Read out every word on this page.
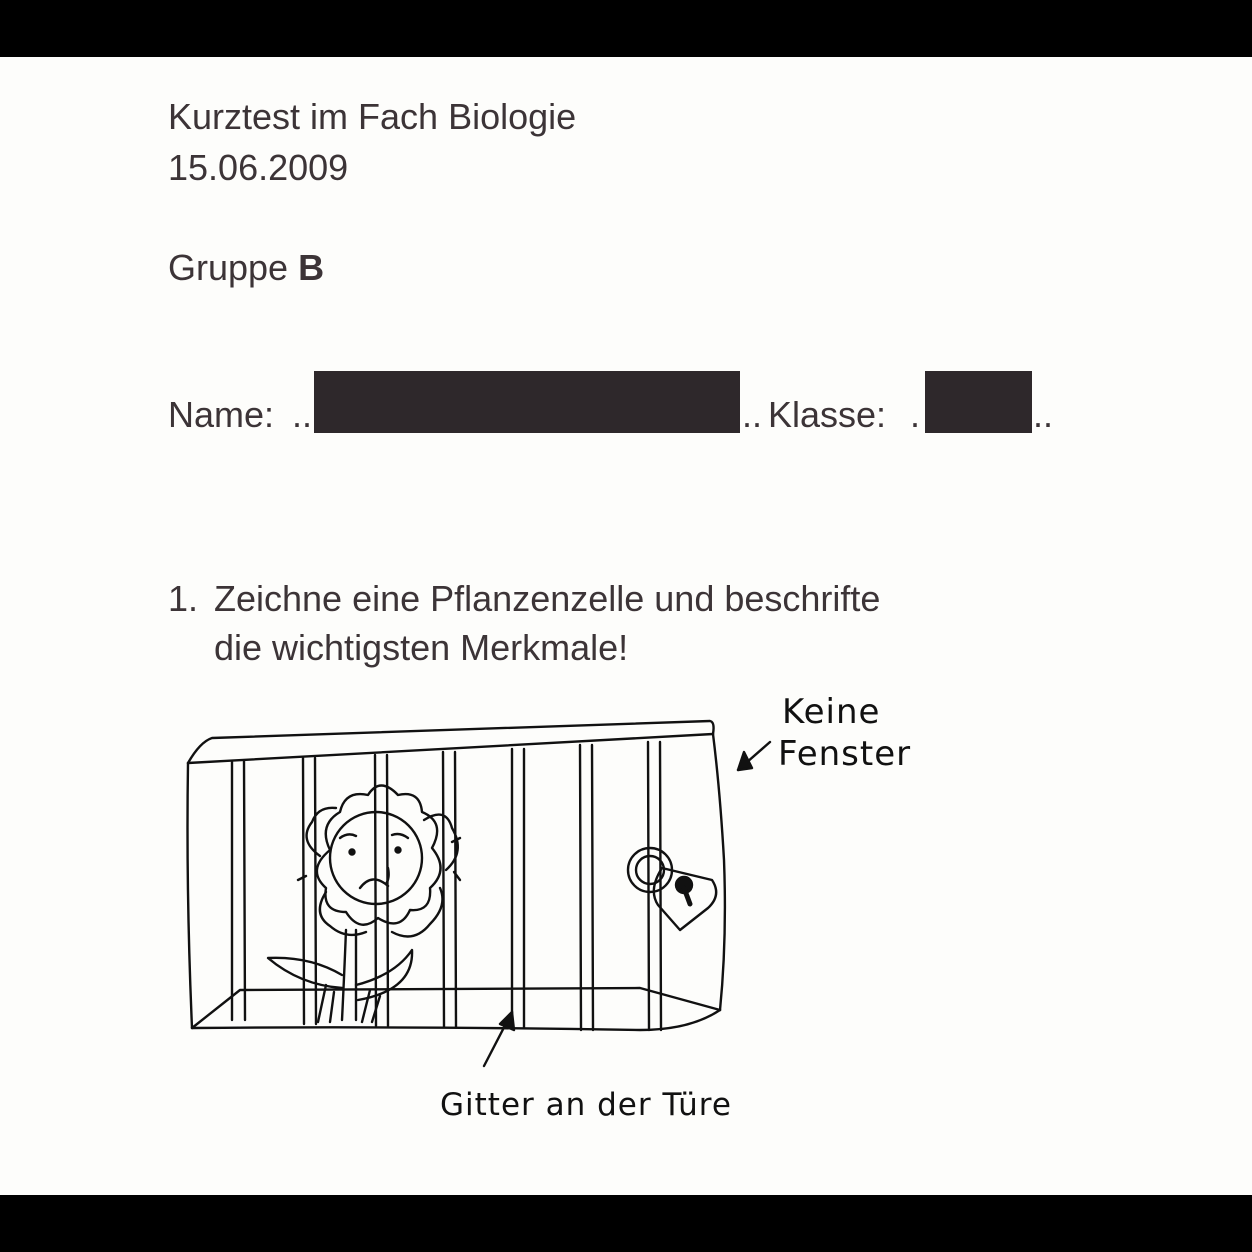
Kurztest im Fach Biologie
15.06.2009
Gruppe B
Name: ..	.. Klasse: .	..
1. Zeichne eine Pflanzenzelle und beschrifte
die wichtigsten Merkmale!
Keine
Fenster
Gitter an der Türe
